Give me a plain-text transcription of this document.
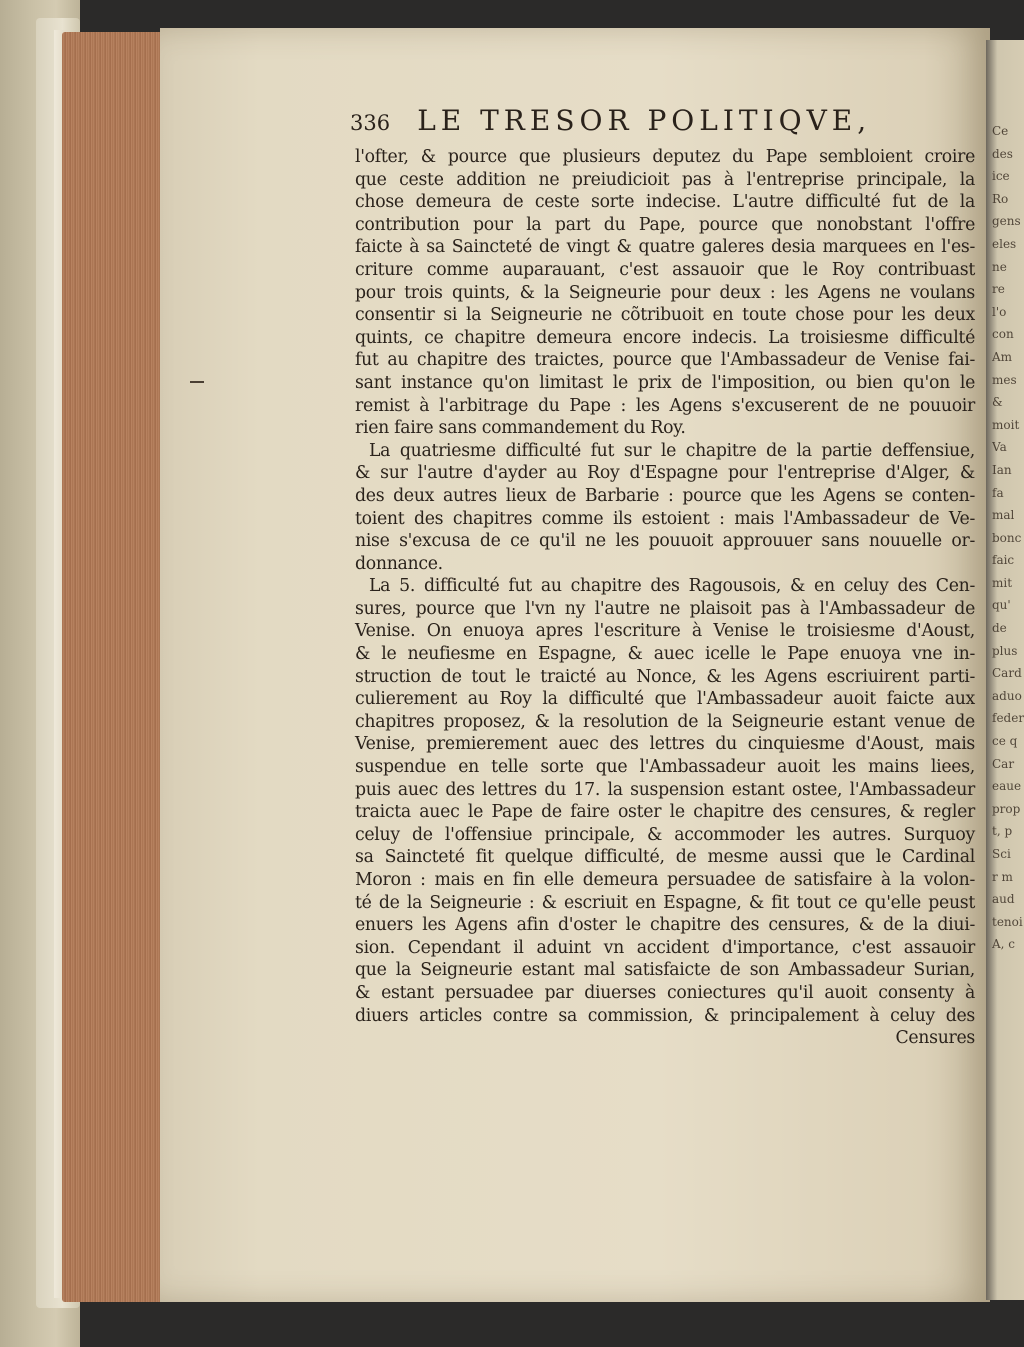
Ce
des
ice
Ro
gens
eles
ne
re
l'o
con
Am
mes
&
moit
Va
Ian
fa
mal
bonc
faic
mit
qu'
de
plus
Card
aduo
feder
ce q
Car
eaue
prop
t, p
Sci
r m
aud
tenoi
A, c
336 LE TRESOR POLITIQVE,
l'ofter, & pource que plusieurs deputez du Pape sembloient croire
que ceste addition ne preiudicioit pas à l'entreprise principale, la
chose demeura de ceste sorte indecise. L'autre difficulté fut de la
contribution pour la part du Pape, pource que nonobstant l'offre
faicte à sa Saincteté de vingt & quatre galeres desia marquees en l'es-
criture comme auparauant, c'est assauoir que le Roy contribuast
pour trois quints, & la Seigneurie pour deux : les Agens ne voulans
consentir si la Seigneurie ne cõtribuoit en toute chose pour les deux
quints, ce chapitre demeura encore indecis. La troisiesme difficulté
fut au chapitre des traictes, pource que l'Ambassadeur de Venise fai-
sant instance qu'on limitast le prix de l'imposition, ou bien qu'on le
remist à l'arbitrage du Pape : les Agens s'excuserent de ne pouuoir
rien faire sans commandement du Roy.
La quatriesme difficulté fut sur le chapitre de la partie deffensiue,
& sur l'autre d'ayder au Roy d'Espagne pour l'entreprise d'Alger, &
des deux autres lieux de Barbarie : pource que les Agens se conten-
toient des chapitres comme ils estoient : mais l'Ambassadeur de Ve-
nise s'excusa de ce qu'il ne les pouuoit approuuer sans nouuelle or-
donnance.
La 5. difficulté fut au chapitre des Ragousois, & en celuy des Cen-
sures, pource que l'vn ny l'autre ne plaisoit pas à l'Ambassadeur de
Venise. On enuoya apres l'escriture à Venise le troisiesme d'Aoust,
& le neufiesme en Espagne, & auec icelle le Pape enuoya vne in-
struction de tout le traicté au Nonce, & les Agens escriuirent parti-
culierement au Roy la difficulté que l'Ambassadeur auoit faicte aux
chapitres proposez, & la resolution de la Seigneurie estant venue de
Venise, premierement auec des lettres du cinquiesme d'Aoust, mais
suspendue en telle sorte que l'Ambassadeur auoit les mains liees,
puis auec des lettres du 17. la suspension estant ostee, l'Ambassadeur
traicta auec le Pape de faire oster le chapitre des censures, & regler
celuy de l'offensiue principale, & accommoder les autres. Surquoy
sa Saincteté fit quelque difficulté, de mesme aussi que le Cardinal
Moron : mais en fin elle demeura persuadee de satisfaire à la volon-
té de la Seigneurie : & escriuit en Espagne, & fit tout ce qu'elle peust
enuers les Agens afin d'oster le chapitre des censures, & de la diui-
sion. Cependant il aduint vn accident d'importance, c'est assauoir
que la Seigneurie estant mal satisfaicte de son Ambassadeur Surian,
& estant persuadee par diuerses coniectures qu'il auoit consenty à
diuers articles contre sa commission, & principalement à celuy des
Censures
